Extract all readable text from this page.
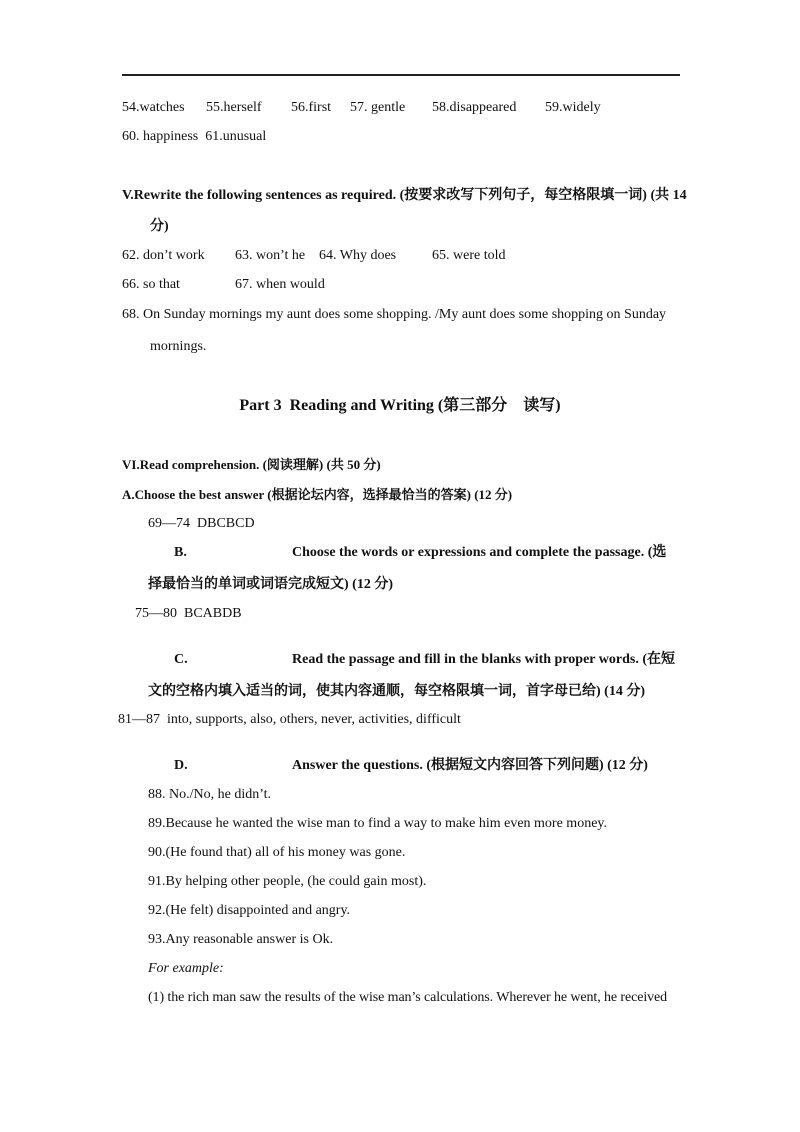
54.watches 55.herself 56.first 57. gentle 58.disappeared 59.widely
60. happiness  61.unusual
V.Rewrite the following sentences as required. (按要求改写下列句子，每空格限填一词) (共 14
分)
62. don’t work 63. won’t he 64. Why does	65. were told
66. so that	67. when would
68. On Sunday mornings my aunt does some shopping. /My aunt does some shopping on Sunday
mornings.
Part 3  Reading and Writing (第三部分　读写)
VI.Read comprehension. (阅读理解) (共 50 分)
A.Choose the best answer (根据论坛内容，选择最恰当的答案) (12 分)
69—74  DBCBCD
B.	Choose the words or expressions and complete the passage. (选
择最恰当的单词或词语完成短文) (12 分)
75—80  BCABDB
C.	Read the passage and fill in the blanks with proper words. (在短
文的空格内填入适当的词，使其内容通顺，每空格限填一词，首字母已给) (14 分)
81—87  into, supports, also, others, never, activities, difficult
D.	Answer the questions. (根据短文内容回答下列问题) (12 分)
88. No./No, he didn’t.
89.Because he wanted the wise man to find a way to make him even more money.
90.(He found that) all of his money was gone.
91.By helping other people, (he could gain most).
92.(He felt) disappointed and angry.
93.Any reasonable answer is Ok.
For example:
(1) the rich man saw the results of the wise man’s calculations. Wherever he went, he received
